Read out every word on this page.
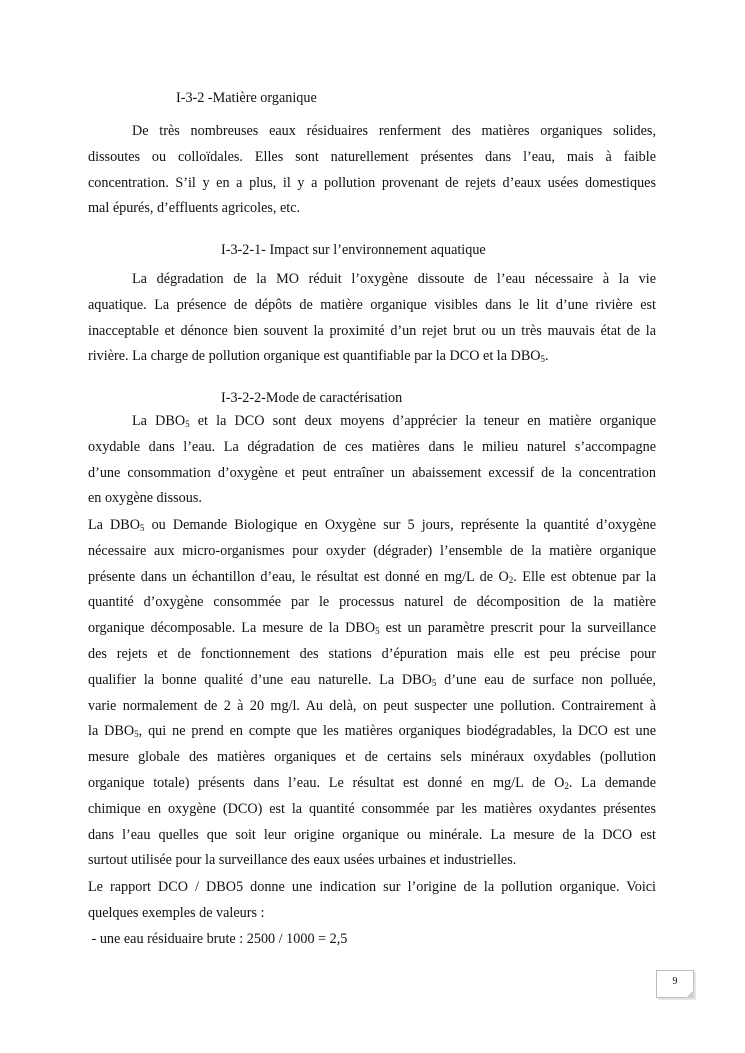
I-3-2 -Matière organique
De très nombreuses eaux résiduaires renferment des matières organiques solides,
dissoutes ou colloïdales. Elles sont naturellement présentes dans l’eau, mais à faible
concentration. S’il y en a plus, il y a pollution provenant de rejets d’eaux usées domestiques
mal épurés, d’effluents agricoles, etc.
I-3-2-1- Impact sur l’environnement aquatique
La dégradation de la MO réduit l’oxygène dissoute de l’eau nécessaire à la vie
aquatique. La présence de dépôts de matière organique visibles dans le lit d’une rivière est
inacceptable et dénonce bien souvent la proximité d’un rejet brut ou un très mauvais état de la
rivière. La charge de pollution organique est quantifiable par la DCO et la $DBO_5$.
I-3-2-2-Mode de caractérisation
La $DBO_5$ et la DCO sont deux moyens d’apprécier la teneur en matière organique
oxydable dans l’eau. La dégradation de ces matières dans le milieu naturel s’accompagne
d’une consommation d’oxygène et peut entraîner un abaissement excessif de la concentration
en oxygène dissous.
La $DBO_5$ ou Demande Biologique en Oxygène sur 5 jours, représente la quantité d’oxygène
nécessaire aux micro-organismes pour oxyder (dégrader) l’ensemble de la matière organique
présente dans un échantillon d’eau, le résultat est donné en mg/L de $O_2$. Elle est obtenue par la
quantité d’oxygène consommée par le processus naturel de décomposition de la matière
organique décomposable. La mesure de la $DBO_5$ est un paramètre prescrit pour la surveillance
des rejets et de fonctionnement des stations d’épuration mais elle est peu précise pour
qualifier la bonne qualité d’une eau naturelle. La $DBO_5$ d’une eau de surface non polluée,
varie normalement de 2 à 20 mg/l. Au delà, on peut suspecter une pollution. Contrairement à
la $DBO_5$, qui ne prend en compte que les matières organiques biodégradables, la DCO est une
mesure globale des matières organiques et de certains sels minéraux oxydables (pollution
organique totale) présents dans l’eau. Le résultat est donné en mg/L de $O_2$. La demande
chimique en oxygène (DCO) est la quantité consommée par les matières oxydantes présentes
dans l’eau quelles que soit leur origine organique ou minérale. La mesure de la DCO est
surtout utilisée pour la surveillance des eaux usées urbaines et industrielles.
Le rapport DCO / DBO5 donne une indication sur l’origine de la pollution organique. Voici
quelques exemples de valeurs :
- une eau résiduaire brute : 2500 / 1000 = 2,5
9
